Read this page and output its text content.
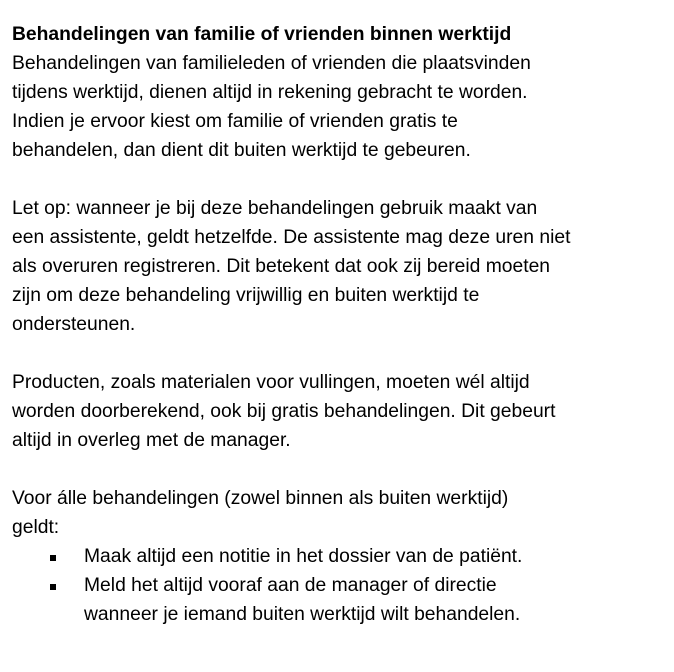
Behandelingen van familie of vrienden binnen werktijd
Behandelingen van familieleden of vrienden die plaatsvinden
tijdens werktijd, dienen altijd in rekening gebracht te worden.
Indien je ervoor kiest om familie of vrienden gratis te
behandelen, dan dient dit buiten werktijd te gebeuren.
Let op: wanneer je bij deze behandelingen gebruik maakt van
een assistente, geldt hetzelfde. De assistente mag deze uren niet
als overuren registreren. Dit betekent dat ook zij bereid moeten
zijn om deze behandeling vrijwillig en buiten werktijd te
ondersteunen.
Producten, zoals materialen voor vullingen, moeten wél altijd
worden doorberekend, ook bij gratis behandelingen. Dit gebeurt
altijd in overleg met de manager.
Voor álle behandelingen (zowel binnen als buiten werktijd)
geldt:
Maak altijd een notitie in het dossier van de patiënt.
Meld het altijd vooraf aan de manager of directie
wanneer je iemand buiten werktijd wilt behandelen.
